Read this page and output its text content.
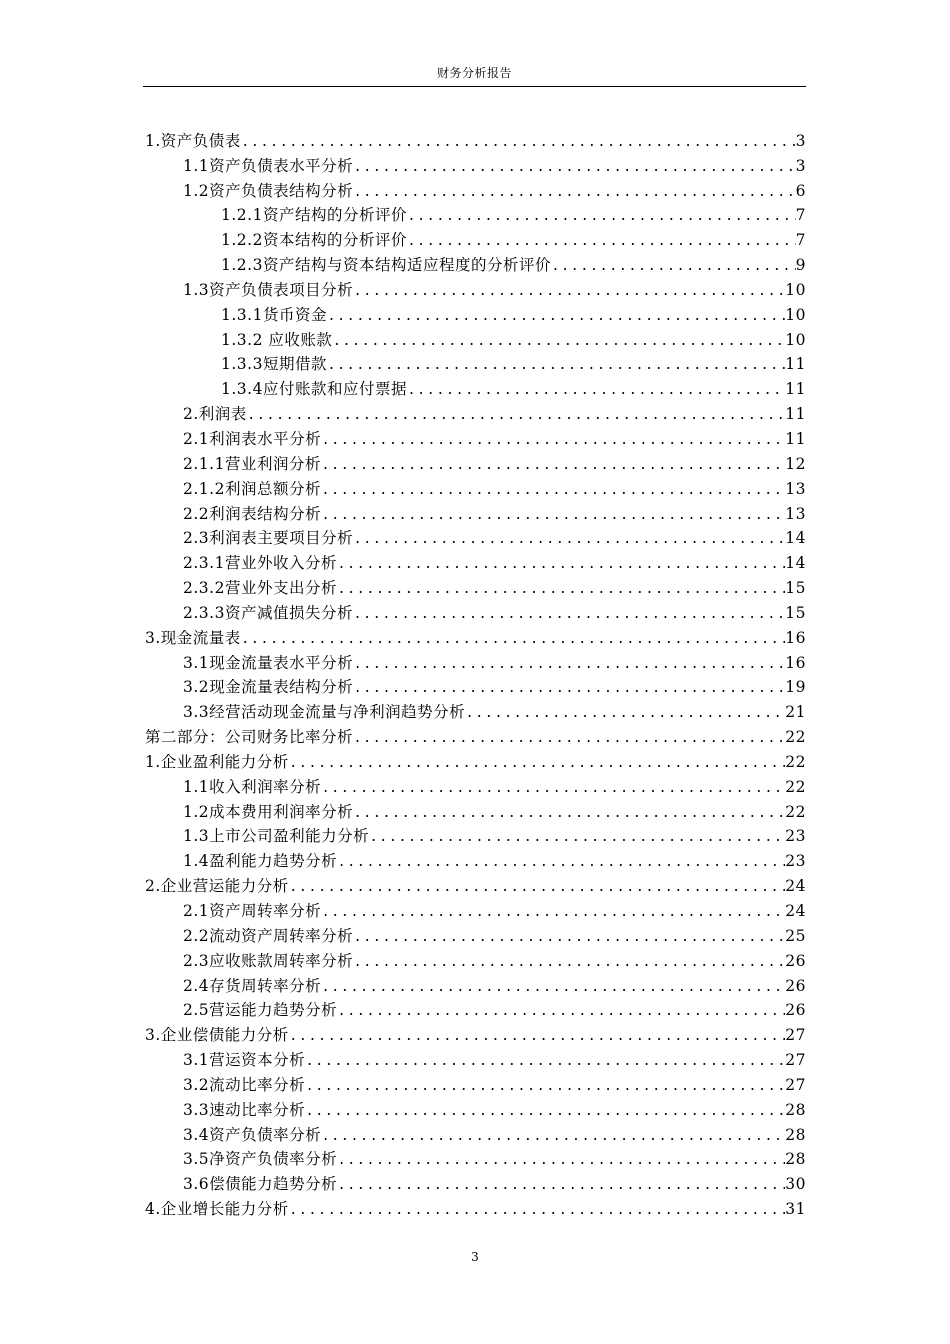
财务分析报告
1.资产负债表 .....	3
1.1资产负债表水平分析 .....	3
1.2资产负债表结构分析 .....	6
1.2.1资产结构的分析评价 .....	7
1.2.2资本结构的分析评价 .....	7
1.2.3资产结构与资本结构适应程度的分析评价 .....	9
1.3资产负债表项目分析 .....	10
1.3.1货币资金 .....	10
1.3.2 应收账款 .....	10
1.3.3短期借款 .....	11
1.3.4应付账款和应付票据 .....	11
2.利润表 .....	11
2.1利润表水平分析 .....	11
2.1.1营业利润分析 .....	12
2.1.2利润总额分析 .....	13
2.2利润表结构分析 .....	13
2.3利润表主要项目分析 .....	14
2.3.1营业外收入分析 .....	14
2.3.2营业外支出分析 .....	15
2.3.3资产减值损失分析 .....	15
3.现金流量表 .....	16
3.1现金流量表水平分析 .....	16
3.2现金流量表结构分析 .....	19
3.3经营活动现金流量与净利润趋势分析 .....	21
第二部分：公司财务比率分析 .....	22
1.企业盈利能力分析 .....	22
1.1收入利润率分析 .....	22
1.2成本费用利润率分析 .....	22
1.3上市公司盈利能力分析 .....	23
1.4盈利能力趋势分析 .....	23
2.企业营运能力分析 .....	24
2.1资产周转率分析 .....	24
2.2流动资产周转率分析 .....	25
2.3应收账款周转率分析 .....	26
2.4存货周转率分析 .....	26
2.5营运能力趋势分析 .....	26
3.企业偿债能力分析 .....	27
3.1营运资本分析 .....	27
3.2流动比率分析 .....	27
3.3速动比率分析 .....	28
3.4资产负债率分析 .....	28
3.5净资产负债率分析 .....	28
3.6偿债能力趋势分析 .....	30
4.企业增长能力分析 .....	31
3
